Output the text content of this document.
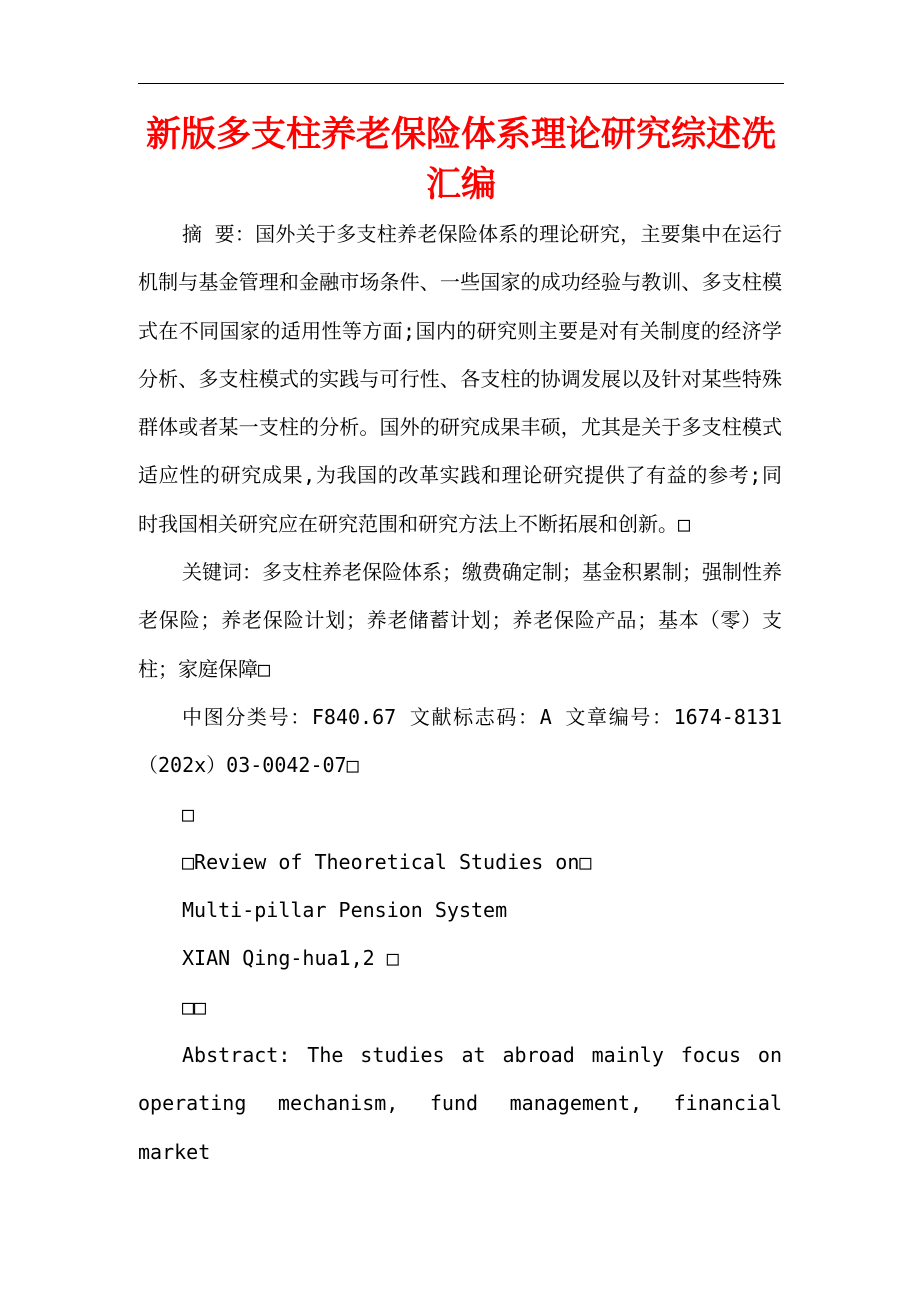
新版多支柱养老保险体系理论研究综述冼汇编

摘 要：国外关于多支柱养老保险体系的理论研究，主要集中在运行机制与基金管理和金融市场条件、一些国家的成功经验与教训、多支柱模式在不同国家的适用性等方面;国内的研究则主要是对有关制度的经济学分析、多支柱模式的实践与可行性、各支柱的协调发展以及针对某些特殊群体或者某一支柱的分析。国外的研究成果丰硕，尤其是关于多支柱模式适应性的研究成果,为我国的改革实践和理论研究提供了有益的参考;同时我国相关研究应在研究范围和研究方法上不断拓展和创新。□

关键词：多支柱养老保险体系；缴费确定制；基金积累制；强制性养老保险；养老保险计划；养老储蓄计划；养老保险产品；基本（零）支柱；家庭保障□

中图分类号：F840.67 文献标志码：A 文章编号：1674-8131（202x）03-0042-07□

□

□Review of Theoretical Studies on□

Multi-pillar Pension System

XIAN Qing-hua1,2 □

□□

Abstract: The studies at abroad mainly focus on

operating mechanism, fund management, financial market
